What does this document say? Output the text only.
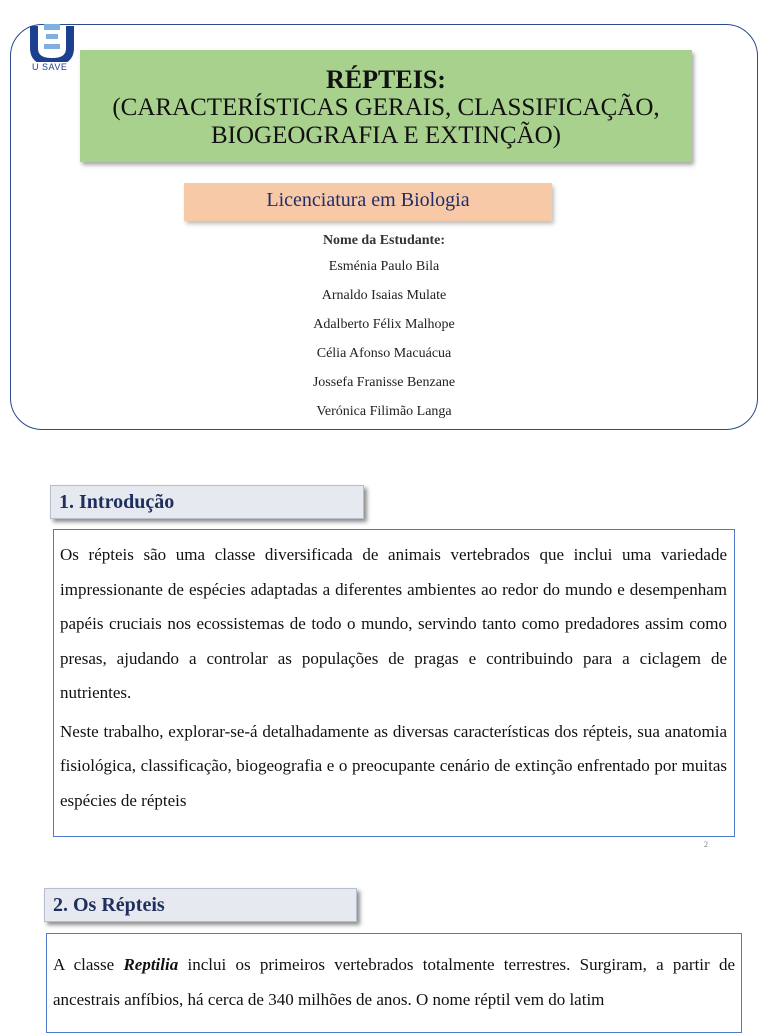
U SAVE	RÉPTEIS:
(CARACTERÍSTICAS GERAIS, CLASSIFICAÇÃO,
BIOGEOGRAFIA E EXTINÇÃO)
Licenciatura em Biologia
Nome da Estudante:
Esménia Paulo Bila
Arnaldo Isaias Mulate
Adalberto Félix Malhope
Célia Afonso Macuácua
Jossefa Franisse Benzane
Verónica Filimão Langa
1. Introdução

Os répteis são uma classe diversificada de animais vertebrados que inclui uma variedade impressionante de espécies adaptadas a diferentes ambientes ao redor do mundo e desempenham papéis cruciais nos ecossistemas de todo o mundo, servindo tanto como predadores assim como presas, ajudando a controlar as populações de pragas e contribuindo para a ciclagem de nutrientes.

Neste trabalho, explorar-se-á detalhadamente as diversas características dos répteis, sua anatomia fisiológica, classificação, biogeografia e o preocupante cenário de extinção enfrentado por muitas espécies de répteis

2
2. Os Répteis

A classe Reptilia inclui os primeiros vertebrados totalmente terrestres. Surgiram, a partir de ancestrais anfíbios, há cerca de 340 milhões de anos. O nome réptil vem do latim
